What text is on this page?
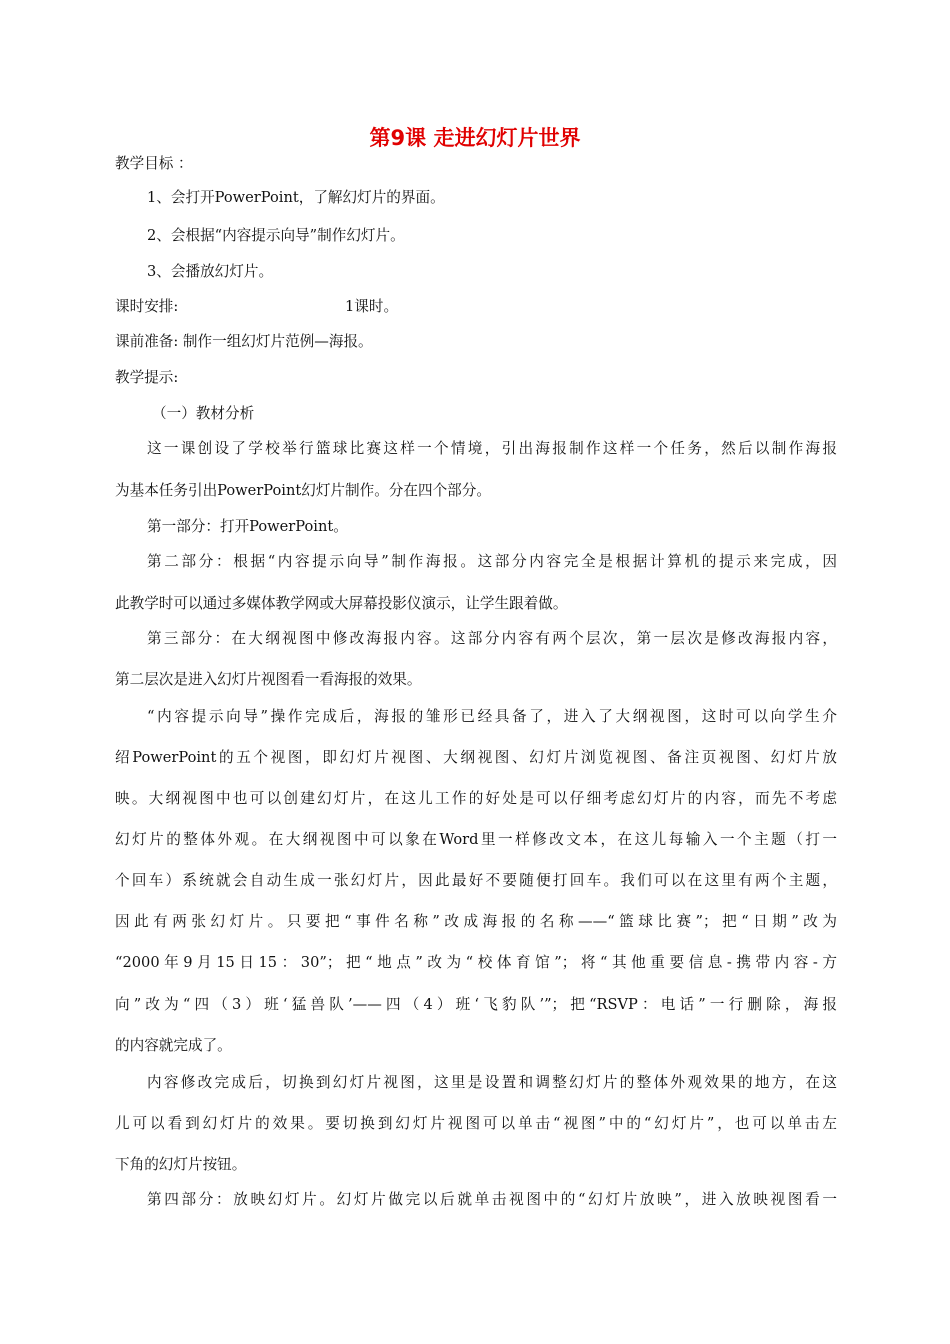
第9课 走进幻灯片世界
教学目标 ：
1、会打开PowerPoint，了解幻灯片的界面。
2、会根据“内容提示向导”制作幻灯片。
3、会播放幻灯片。
课时安排:	1课时。
课前准备: 制作一组幻灯片范例—海报。
教学提示:
（一）教材分析
这一课创设了学校举行篮球比赛这样一个情境，引出海报制作这样一个任务，然后以制作海报
为基本任务引出PowerPoint幻灯片制作。分在四个部分。
第一部分：打开PowerPoint。
第二部分：根据“内容提示向导”制作海报。这部分内容完全是根据计算机的提示来完成，因
此教学时可以通过多媒体教学网或大屏幕投影仪演示，让学生跟着做。
第三部分：在大纲视图中修改海报内容。这部分内容有两个层次，第一层次是修改海报内容，
第二层次是进入幻灯片视图看一看海报的效果。
“内容提示向导”操作完成后，海报的雏形已经具备了，进入了大纲视图，这时可以向学生介
绍PowerPoint的五个视图，即幻灯片视图、大纲视图、幻灯片浏览视图、备注页视图、幻灯片放
映。大纲视图中也可以创建幻灯片，在这儿工作的好处是可以仔细考虑幻灯片的内容，而先不考虑
幻灯片的整体外观。在大纲视图中可以象在Word里一样修改文本，在这儿每输入一个主题（打一
个回车）系统就会自动生成一张幻灯片，因此最好不要随便打回车。我们可以在这里有两个主题，
因此有两张幻灯片。只要把“事件名称”改成海报的名称——“篮球比赛”；把“日期”改为
“2000年9月15日15：30”；把“地点”改为“校体育馆”；将“其他重要信息-携带内容-方
向”改为“四（3）班‘猛兽队’——四（4）班‘飞豹队’”；把“RSVP：电话”一行删除，海报
的内容就完成了。
内容修改完成后，切换到幻灯片视图，这里是设置和调整幻灯片的整体外观效果的地方，在这
儿可以看到幻灯片的效果。要切换到幻灯片视图可以单击“视图”中的“幻灯片”，也可以单击左
下角的幻灯片按钮。
第四部分：放映幻灯片。幻灯片做完以后就单击视图中的“幻灯片放映”，进入放映视图看一
